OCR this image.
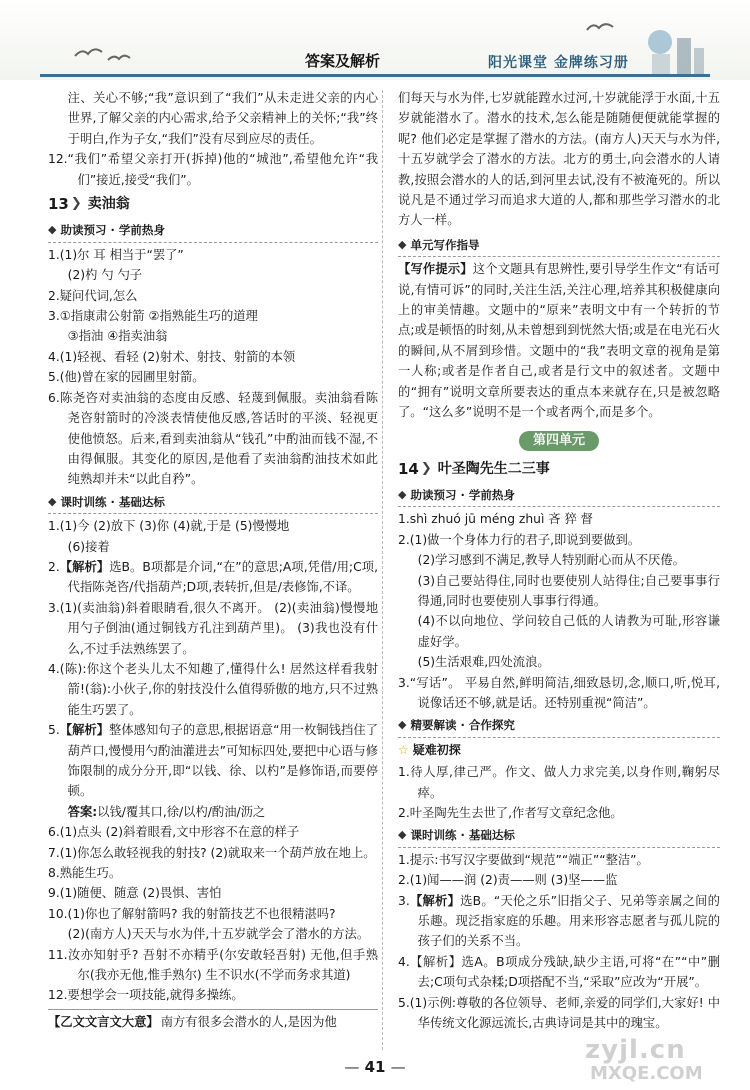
答案及解析	阳光课堂 金牌练习册

注、关心不够;“我”意识到了“我们”从未走进父亲的内心世界,了解父亲的内心需求,给予父亲精神上的关怀;“我”终于明白,作为子女,“我们”没有尽到应尽的责任。

12.“我们”希望父亲打开(拆掉)他的“城池”,希望他允许“我们”接近,接受“我们”。

13 ❯ 卖油翁
◆ 助读预习 · 学前热身

1.(1)尔 耳 相当于“罢了”

(2)杓 勺 勺子

2.疑问代词,怎么

3.①指康肃公射箭 ②指熟能生巧的道理

③指油 ④指卖油翁

4.(1)轻视、看轻 (2)射术、射技、射箭的本领

5.(他)曾在家的园圃里射箭。

6.陈尧咨对卖油翁的态度由反感、轻蔑到佩服。卖油翁看陈尧咨射箭时的冷淡表情使他反感,答话时的平淡、轻视更使他愤怒。后来,看到卖油翁从“钱孔”中酌油而钱不湿,不由得佩服。其变化的原因,是他看了卖油翁酌油技术如此纯熟却并未“以此自矜”。

◆ 课时训练 · 基础达标

1.(1)今 (2)放下 (3)你 (4)就,于是 (5)慢慢地

(6)接着

2.【解析】选B。B项都是介词,“在”的意思;A项,凭借/用;C项,代指陈尧咨/代指葫芦;D项,表转折,但是/表修饰,不译。

3.(1)(卖油翁)斜着眼睛看,很久不离开。 (2)(卖油翁)慢慢地用勺子倒油(通过铜钱方孔注到葫芦里)。 (3)我也没有什么,不过手法熟练罢了。

4.(陈):你这个老头儿太不知趣了,懂得什么! 居然这样看我射箭!(翁):小伙子,你的射技没什么值得骄傲的地方,只不过熟能生巧罢了。

5.【解析】整体感知句子的意思,根据语意“用一枚铜钱挡住了葫芦口,慢慢用勺酌油灌进去”可知标四处,要把中心语与修饰限制的成分分开,即“以钱、徐、以杓”是修饰语,而要停顿。

答案:以钱/覆其口,徐/以杓/酌油/沥之

6.(1)点头 (2)斜着眼看,文中形容不在意的样子

7.(1)你怎么敢轻视我的射技? (2)就取来一个葫芦放在地上。

8.熟能生巧。

9.(1)随便、随意 (2)畏惧、害怕

10.(1)你也了解射箭吗? 我的射箭技艺不也很精湛吗?

(2)(南方人)天天与水为伴,十五岁就学会了潜水的方法。

11.汝亦知射乎? 吾射不亦精乎(尔安敢轻吾射) 无他,但手熟尔(我亦无他,惟手熟尔) 生不识水(不学而务求其道)

12.要想学会一项技能,就得多操练。

【乙文文言文大意】 南方有很多会潜水的人,是因为他

们每天与水为伴,七岁就能蹚水过河,十岁就能浮于水面,十五岁就能潜水了。潜水的技术,怎么能是随随便便就能掌握的呢? 他们必定是掌握了潜水的方法。(南方人)天天与水为伴,十五岁就学会了潜水的方法。北方的勇士,向会潜水的人请教,按照会潜水的人的话,到河里去试,没有不被淹死的。所以说凡是不通过学习而追求大道的人,都和那些学习潜水的北方人一样。

◆ 单元写作指导

【写作提示】这个文题具有思辨性,要引导学生作文“有话可说,有情可诉”的同时,关注生活,关注心理,培养其积极健康向上的审美情趣。文题中的“原来”表明文中有一个转折的节点;或是顿悟的时刻,从未曾想到到恍然大悟;或是在电光石火的瞬间,从不屑到珍惜。文题中的“我”表明文章的视角是第一人称;或者是作者自己,或者是行文中的叙述者。文题中的“拥有”说明文章所要表达的重点本来就存在,只是被忽略了。“这么多”说明不是一个或者两个,而是多个。

第四单元
14 ❯ 叶圣陶先生二三事
◆ 助读预习 · 学前热身

1.shì zhuó jū méng zhuì 吝 猝 督

2.(1)做一个身体力行的君子,即说到要做到。

(2)学习感到不满足,教导人特别耐心而从不厌倦。

(3)自己要站得住,同时也要使别人站得住;自己要事事行得通,同时也要使别人事事行得通。

(4)不以向地位、学问较自己低的人请教为可耻,形容谦虚好学。

(5)生活艰难,四处流浪。

3.“写话”。 平易自然,鲜明简洁,细致恳切,念,顺口,听,悦耳,说像话还不够,就是话。还特别重视“简洁”。

◆ 精要解读 · 合作探究
☆ 疑难初探

1.待人厚,律己严。作文、做人力求完美,以身作则,鞠躬尽瘁。

2.叶圣陶先生去世了,作者写文章纪念他。

◆ 课时训练 · 基础达标

1.提示:书写汉字要做到“规范”“端正”“整洁”。

2.(1)闻——润 (2)责——则 (3)坚——监

3.【解析】选B。“天伦之乐”旧指父子、兄弟等亲属之间的乐趣。现泛指家庭的乐趣。用来形容志愿者与孤儿院的孩子们的关系不当。

4.【解析】选A。B项成分残缺,缺少主语,可将“在”“中”删去;C项句式杂糅;D项搭配不当,“采取”应改为“开展”。

5.(1)示例:尊敬的各位领导、老师,亲爱的同学们,大家好! 中华传统文化源远流长,古典诗词是其中的瑰宝。

— 41 —
zyjl.cn
MXQE.COM
